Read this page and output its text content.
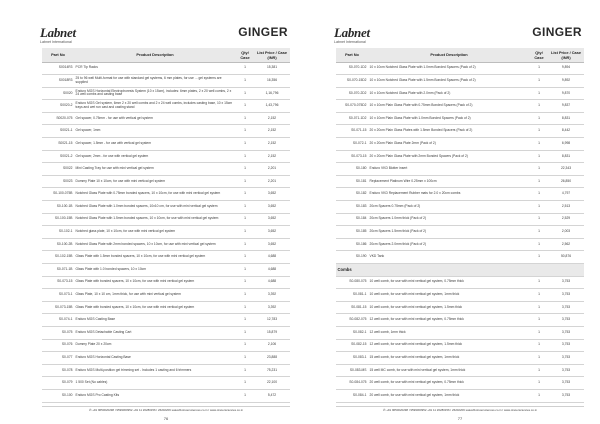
Labnet
Labnet International
GINGER
Part No	Product Description	Qty/ Case	List Price / Case (INR)
S0014R3	PCR Tip Racks	1	15,381
S0018R3	25 to 96 well Multi-format for use with standard gel systems, 6 mm plates, for use ... gel systems are supplied	1	16,356
S0020	Enduro MGS Horizontal Electrophoresis System (10 x 15cm), includes: 6mm plates, 2 x 20 well combs, 2 x 24 well combs and casting base	1	1,16,796
S0020-2	Enduro MGS Gel system, 6mm 2 x 20 well combs and 2 x 24 well combs, includes casting base, 10 x 15cm trays and wet run cast and casting stand	1	1,43,796
S0020-075	Gel spacer, 0.75mm - for use with vertical gel system	1	2,152
S0021-1	Gel spacer, 1mm	1	2,152
S0021-15	Gel spacer, 1.5mm - for use with vertical gel system	1	2,152
S0021-2	Gel spacer, 2mm - for use with vertical gel system	1	2,152
S0022	Mini Casting Tray for use with mini vertical gel system	1	2,201
S0023	Dummy Plate 10 x 10cm, for use with mini vertical gel system	1	2,201
S0-100-075B	Notched Glass Plate with 0.75mm bonded spacers, 10 x 10cm, for use with mini vertical gel system	1	3,652
S0-100-1B	Notched Glass Plate with 1.0mm bonded spacers, 10x10 cm, for use with mini vertical gel system	1	3,652
S0-100-15B	Notched Glass Plate with 1.5mm bonded spacers, 10 x 10cm, for use with mini vertical gel system	1	3,652
S0-102-1	Notched glass plate, 10 x 10cm, for use with mini vertical gel system	1	3,652
S0-100-2B	Notched Glass Plate with 2mm bonded spacers, 10 x 10cm, for use with mini vertical gel system	1	3,652
S0-102-15B	Glass Plate with 1.5mm bonded spacers, 10 x 10cm, for use with mini vertical gel system	1	4,688
S0-071-1B	Glass Plate with 1.0 bonded spacers, 10 x 10cm	1	4,688
S0-073-15	Glass Plate with bonded spacers, 10 x 10cm, for use with mini vertical gel system	1	4,688
S0-073-1	Glass Plate, 10 x 10 cm, 1mm thick, for use with mini vertical gel system	1	3,392
S0-073-15B	Glass Plate with bonded spacers, 10 x 10cm, for use with mini vertical gel system	1	3,392
S0-074-1	Enduro MGS Casting Base	1	12,783
S0-075	Enduro MGS Detachable Casting Cart	1	15,879
S0-076	Dummy Plate 20 x 20cm	1	2,106
S0-077	Enduro MGS Horizontal Casting Base	1	23,888
S0-078	Enduro MGS Multi-position gel trimming set - Includes 1 casting and 6 trimmers	1	75,231
S0-079	1 500 Set (No cables)	1	22,100
S0-100	Enduro MGS Pro Casting Kits	1	5,472
✆ +91 9650020298 | 9599060952 +91 11 26280156 | 26202206 sales@gingersciences.co.in | www.gingersciences.co.in
76
Labnet
Labnet International
GINGER
Part No	Product Description	Qty/ Case	List Price / Case (INR)
S0-070-1D2	10 x 10cm Notched Glass Plate with 1.0mm Bonded Spacers (Pack of 2)	1	9,894
S0-070-15D2	10 x 10cm Notched Glass Plate with 1.5mm Bonded Spacers (Pack of 2)	1	9,892
S0-070-2D2	10 x 10cm Notched Glass Plate with 2.0mm (Pack of 2)	1	9,870
S0-070-075D2	10 x 10cm Plain Glass Plate with 0.75mm Bonded Spacers (Pack of 2)	1	9,837
S0-071-1D2	10 x 10cm Plain Glass Plate with 1.0mm Bonded Spacers (Pack of 2)	1	8,831
S0-071-15	20 x 20cm Plain Glass Plates with 1.5mm Bonded Spacers (Pack of 2)	1	8,442
S0-072-1	20 x 20cm Plain Glass Plate 2mm (Pack of 2)	1	6,998
S0-073-15	20 x 20cm Plain Glass Plate with 2mm Bonded Spacers (Pack of 2)	1	8,831
S0-180	Enduro VKD Blotter insert	1	22,343
S0-181	Replacement Platinum Wire 0.25mm x 100cm	1	26,850
S0-182	Enduro VKD Replacement Rubber mats for 2.0 x 20cm combs	1	4,797
S0-183	20cm Spacers 0.75mm (Pack of 2)	1	2,513
S0-184	20cm Spacers 1.0mm thick (Pack of 2)	1	2,529
S0-185	20cm Spacers 1.5mm thick (Pack of 2)	1	2,003
S0-186	20cm Spacers 2.0mm thick (Pack of 2)	1	2,562
S0-190	VKD Tank	1	50,876
Combs			
S0-080-075	10 well comb, for use with mini vertical gel system, 0.75mm thick	1	3,753
S0-081-1	10 well comb, for use with mini vertical gel system, 1mm thick	1	3,753
S0-081-15	10 well comb, for use with mini vertical gel system, 1.5mm thick	1	3,753
S0-082-075	12 well comb, for use with mini vertical gel system, 0.75mm thick	1	3,753
S0-082-1	12 well comb, 1mm thick	1	3,753
S0-082-15	12 well comb, for use with mini vertical gel system, 1.5mm thick	1	3,753
S0-083-1	15 well comb, for use with mini vertical gel system, 1mm thick	1	3,753
S0-083-MS	15 well MC comb, for use with mini vertical gel system, 1mm thick	1	3,753
S0-084-075	20 well comb, for use with mini vertical gel system, 0.75mm thick	1	3,753
S0-084-1	20 well comb, for use with mini vertical gel system, 1mm thick	1	3,753
✆ +91 9650020298 | 9599060952 +91 11 26280156 | 26202206 sales@gingersciences.co.in | www.gingersciences.co.in
77
